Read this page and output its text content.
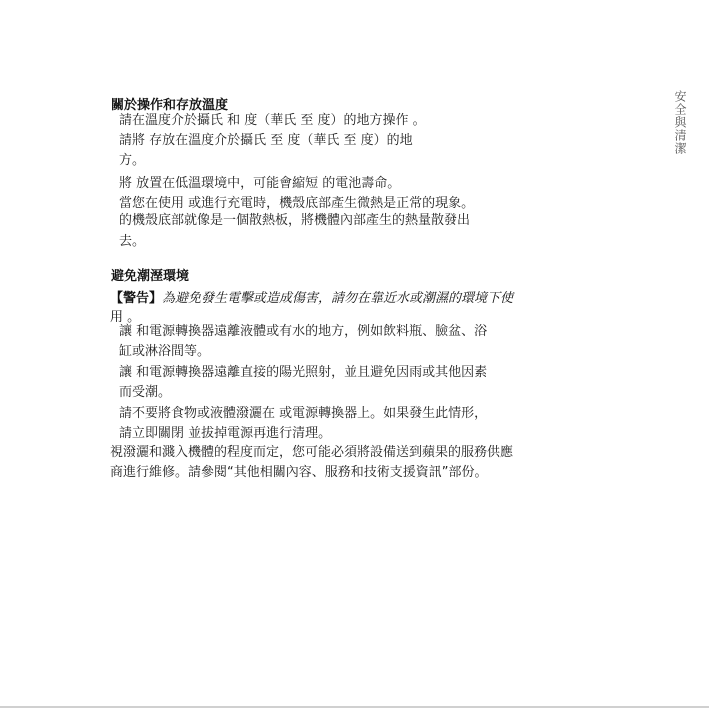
安全與清潔
關於操作和存放溫度
請在溫度介於攝氏 和 度（華氏 至 度）的地方操作 。
請將 存放在溫度介於攝氏 至 度（華氏 至 度）的地
方。
將 放置在低溫環境中，可能會縮短 的電池壽命。
當您在使用 或進行充電時，機殼底部產生微熱是正常的現象。
的機殼底部就像是一個散熱板，將機體內部產生的熱量散發出
去。
避免潮溼環境
【警告】為避免發生電擊或造成傷害，請勿在靠近水或潮濕的環境下使
用 。
讓 和電源轉換器遠離液體或有水的地方，例如飲料瓶、臉盆、浴
缸或淋浴間等。
讓 和電源轉換器遠離直接的陽光照射，並且避免因雨或其他因素
而受潮。
請不要將食物或液體潑灑在 或電源轉換器上。如果發生此情形，
請立即關閉 並拔掉電源再進行清理。
視潑灑和濺入機體的程度而定，您可能必須將設備送到蘋果的服務供應
商進行維修。請參閱“其他相關內容、服務和技術支援資訊”部份。
